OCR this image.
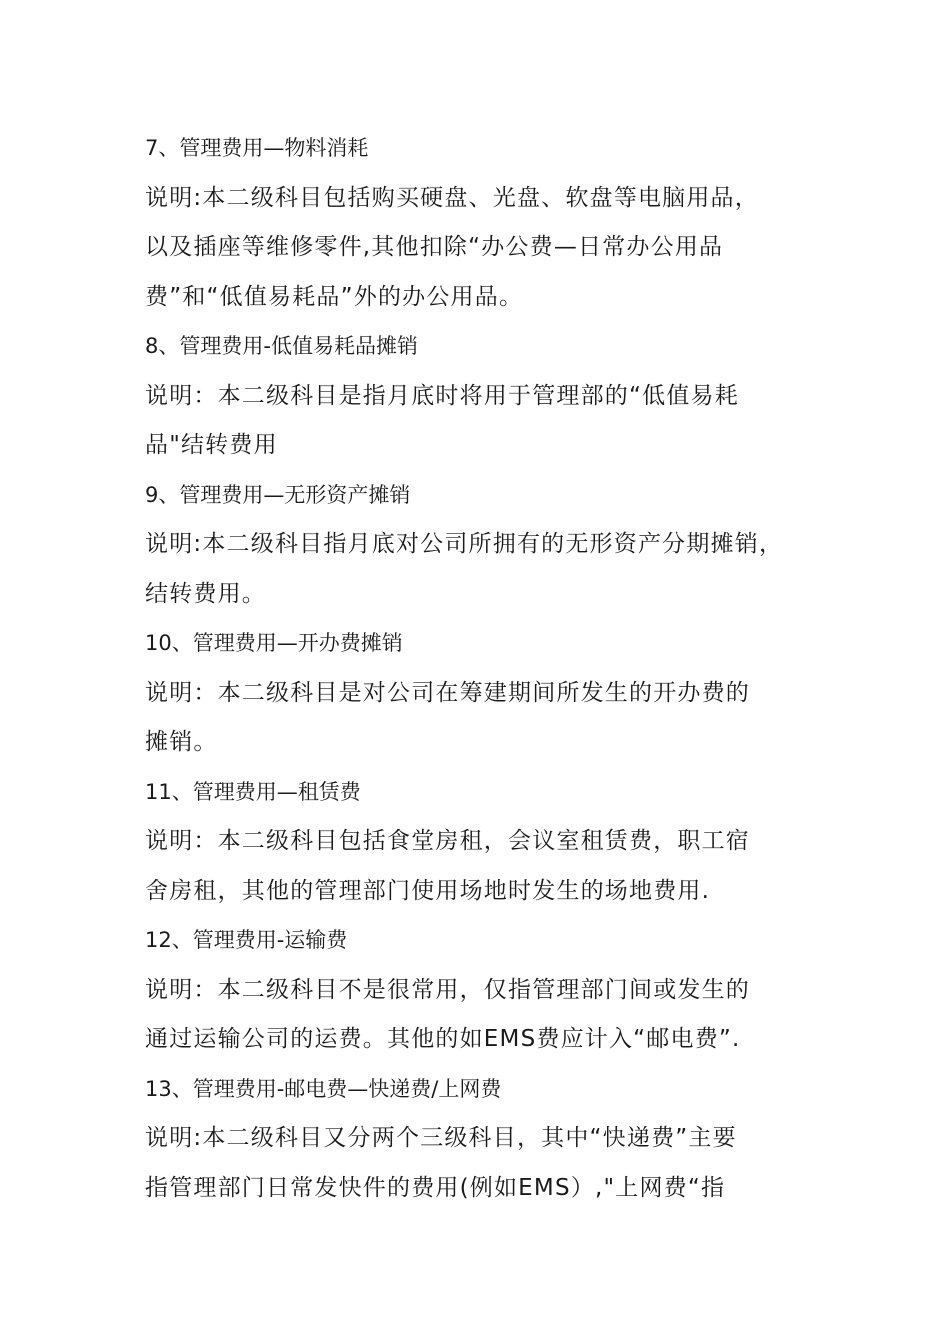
7、管理费用—物料消耗
说明:本二级科目包括购买硬盘、光盘、软盘等电脑用品，
以及插座等维修零件,其他扣除“办公费—日常办公用品
费”和“低值易耗品”外的办公用品。
8、管理费用-低值易耗品摊销
说明：本二级科目是指月底时将用于管理部的“低值易耗
品"结转费用
9、管理费用—无形资产摊销
说明:本二级科目指月底对公司所拥有的无形资产分期摊销，
结转费用。
10、管理费用—开办费摊销
说明：本二级科目是对公司在筹建期间所发生的开办费的
摊销。
11、管理费用—租赁费
说明：本二级科目包括食堂房租，会议室租赁费，职工宿
舍房租，其他的管理部门使用场地时发生的场地费用.
12、管理费用-运输费
说明：本二级科目不是很常用，仅指管理部门间或发生的
通过运输公司的运费。其他的如EMS费应计入“邮电费”.
13、管理费用-邮电费—快递费/上网费
说明:本二级科目又分两个三级科目，其中“快递费”主要
指管理部门日常发快件的费用(例如EMS）,"上网费“指
